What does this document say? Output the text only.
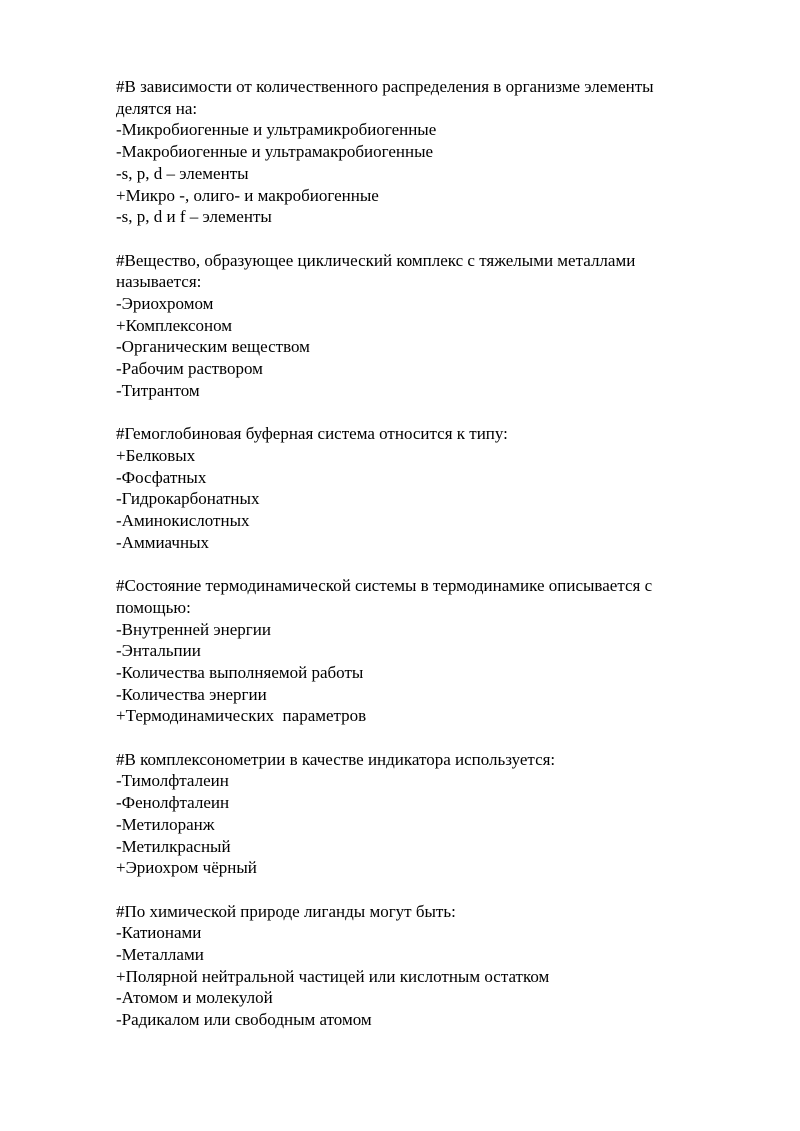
#В зависимости от количественного распределения в организме элементы

делятся на:

-Микробиогенные и ультрамикробиогенные

-Макробиогенные и ультрамакробиогенные

-s, p, d – элементы

+Микро -, олиго- и макробиогенные

-s, p, d и f – элементы

#Вещество, образующее циклический комплекс с тяжелыми металлами

называется:

-Эриохромом

+Комплексоном

-Органическим веществом

-Рабочим раствором

-Титрантом

#Гемоглобиновая буферная система относится к типу:

+Белковых

-Фосфатных

-Гидрокарбонатных

-Аминокислотных

-Аммиачных

#Состояние термодинамической системы в термодинамике описывается с

помощью:

-Внутренней энергии

-Энтальпии

-Количества выполняемой работы

-Количества энергии

+Термодинамических  параметров

#В комплексонометрии в качестве индикатора используется:

-Тимолфталеин

-Фенолфталеин

-Метилоранж

-Метилкрасный

+Эриохром чёрный

#По химической природе лиганды могут быть:

-Катионами

-Металлами

+Полярной нейтральной частицей или кислотным остатком

-Атомом и молекулой

-Радикалом или свободным атомом
